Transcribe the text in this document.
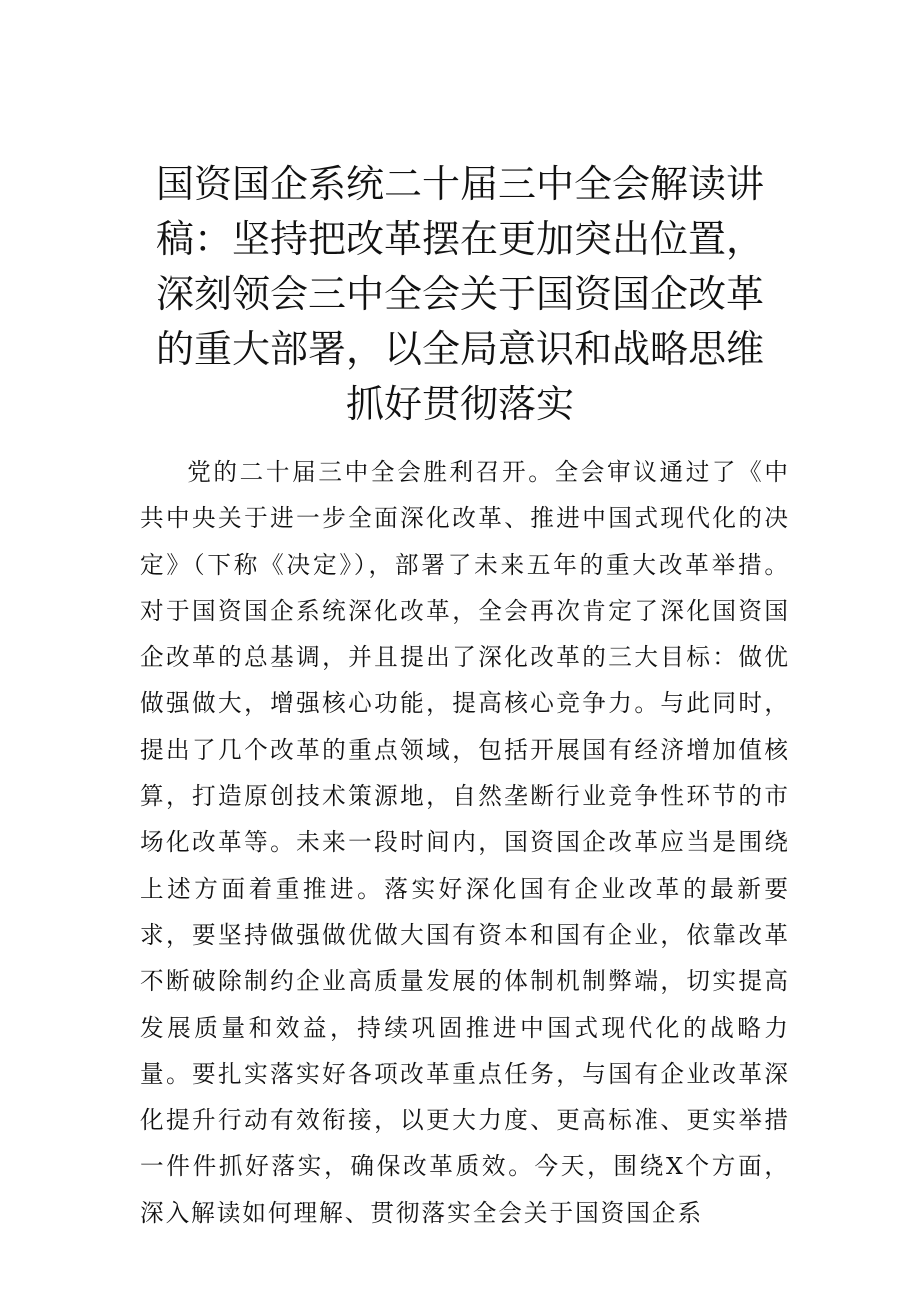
国资国企系统二十届三中全会解读讲稿：坚持把改革摆在更加突出位置，深刻领会三中全会关于国资国企改革的重大部署，以全局意识和战略思维抓好贯彻落实

党的二十届三中全会胜利召开。全会审议通过了《中共中央关于进一步全面深化改革、推进中国式现代化的决定》（下称《决定》），部署了未来五年的重大改革举措。对于国资国企系统深化改革，全会再次肯定了深化国资国企改革的总基调，并且提出了深化改革的三大目标：做优做强做大，增强核心功能，提高核心竞争力。与此同时，提出了几个改革的重点领域，包括开展国有经济增加值核算，打造原创技术策源地，自然垄断行业竞争性环节的市场化改革等。未来一段时间内，国资国企改革应当是围绕上述方面着重推进。落实好深化国有企业改革的最新要求，要坚持做强做优做大国有资本和国有企业，依靠改革不断破除制约企业高质量发展的体制机制弊端，切实提高发展质量和效益，持续巩固推进中国式现代化的战略力量。要扎实落实好各项改革重点任务，与国有企业改革深化提升行动有效衔接，以更大力度、更高标准、更实举措一件件抓好落实，确保改革质效。今天，围绕X个方面，深入解读如何理解、贯彻落实全会关于国资国企系
